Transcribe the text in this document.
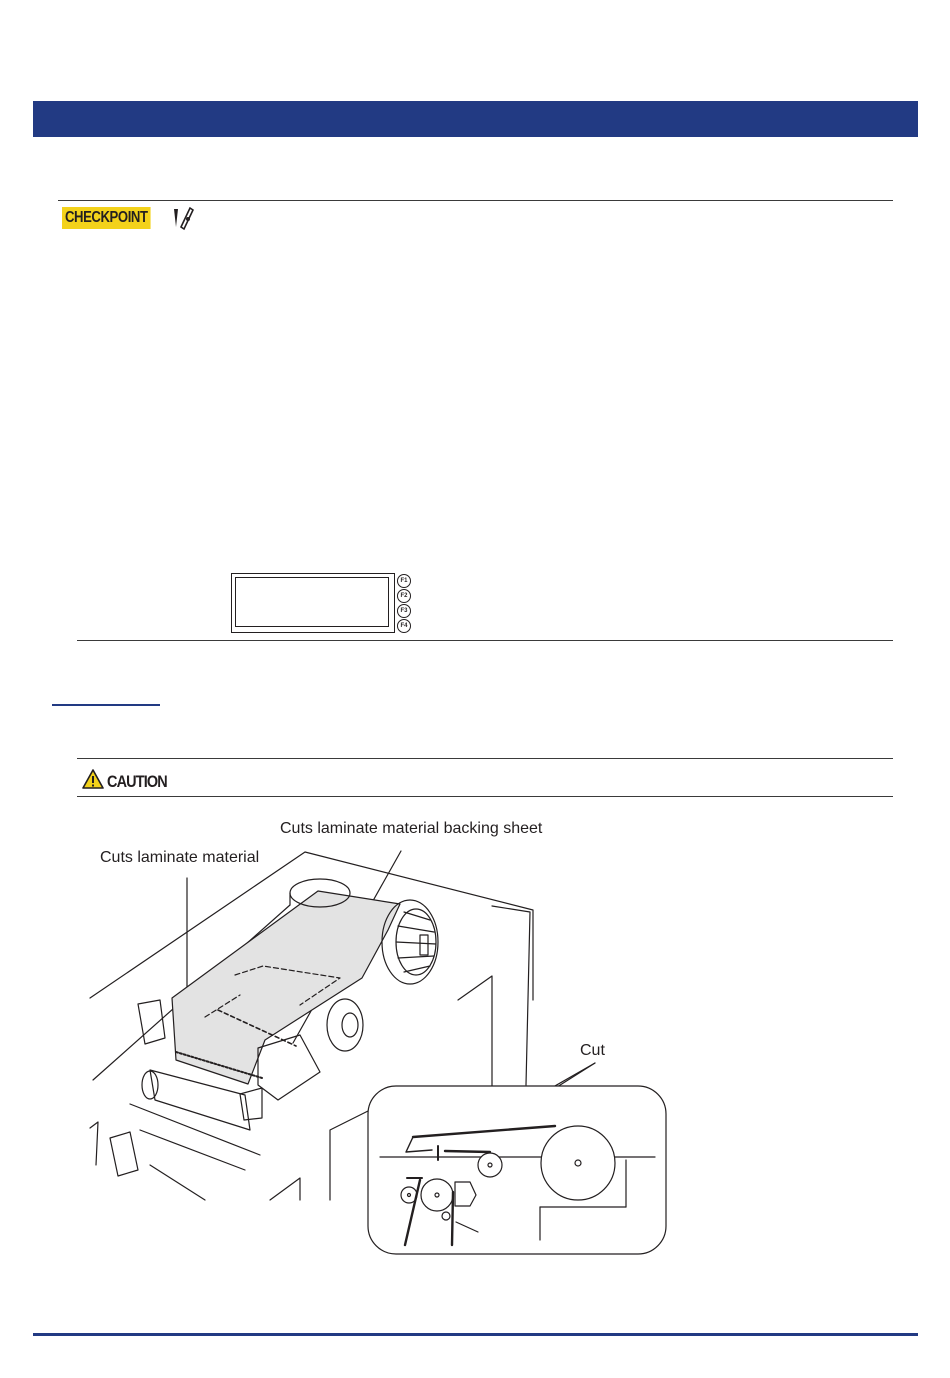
CHECKPOINT
F1
F2
F3
F4
CAUTION
Cuts laminate material backing sheet
Cuts laminate material
Cut
